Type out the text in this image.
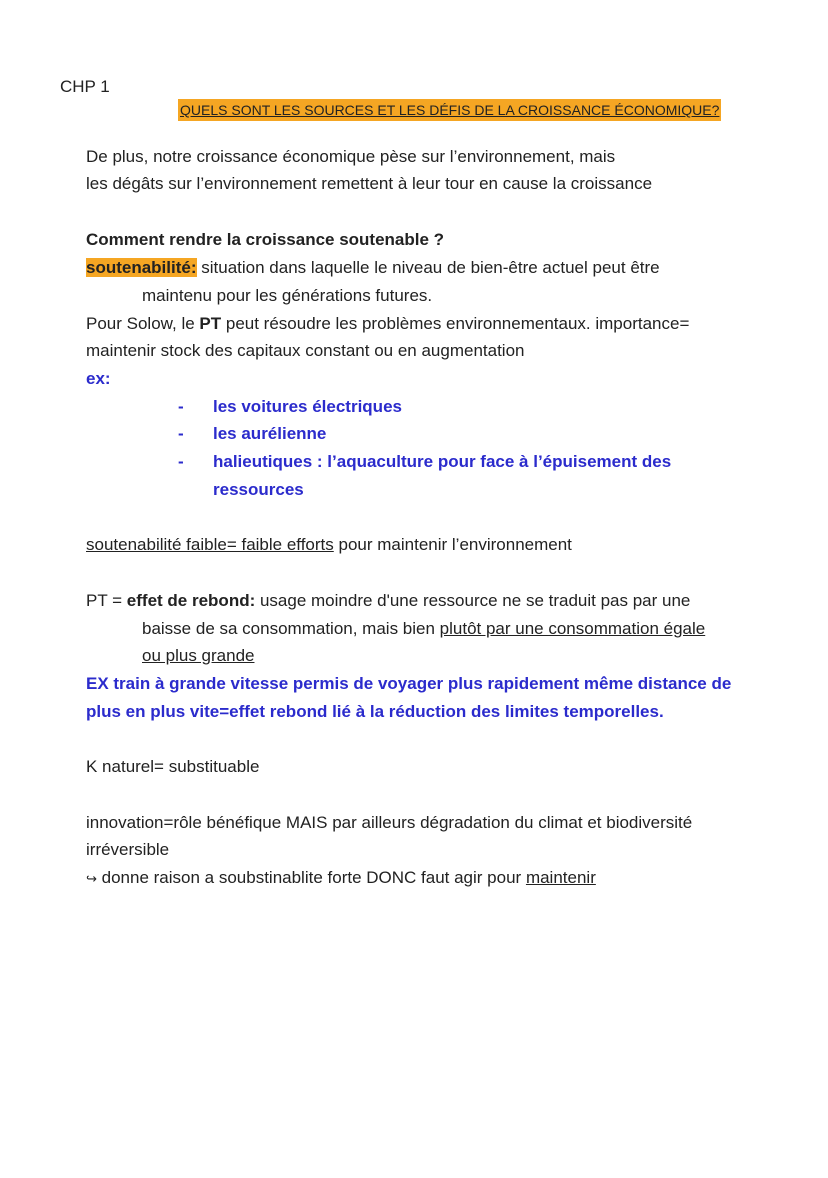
CHP 1
QUELS SONT LES SOURCES ET LES DÉFIS DE LA CROISSANCE ÉCONOMIQUE?
De plus, notre croissance économique pèse sur l’environnement, mais
les dégâts sur l’environnement remettent à leur tour en cause la croissance
Comment rendre la croissance soutenable ?
soutenabilité: situation dans laquelle le niveau de bien-être actuel peut être
maintenu pour les générations futures.
Pour Solow, le PT peut résoudre les problèmes environnementaux. importance=
maintenir stock des capitaux constant ou en augmentation
ex:
- les voitures électriques
- les aurélienne
- halieutiques : l’aquaculture pour face à l’épuisement des
ressources
soutenabilité faible= faible efforts pour maintenir l’environnement
PT = effet de rebond: usage moindre d'une ressource ne se traduit pas par une
baisse de sa consommation, mais bien plutôt par une consommation égale
ou plus grande
EX train à grande vitesse permis de voyager plus rapidement même distance de
plus en plus vite=effet rebond lié à la réduction des limites temporelles.
K naturel= substituable
innovation=rôle bénéfique MAIS par ailleurs dégradation du climat et biodiversité
irréversible
↪ donne raison a soubstinablite forte DONC faut agir pour maintenir
